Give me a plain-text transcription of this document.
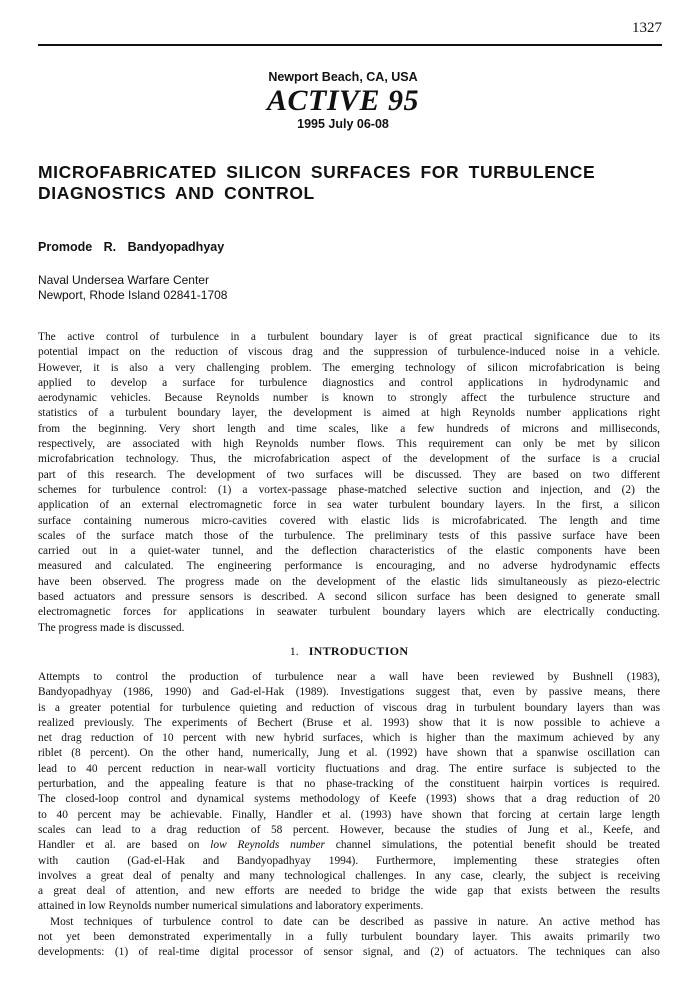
1327
Newport Beach, CA, USA
ACTIVE 95
1995 July 06-08
MICROFABRICATED SILICON SURFACES FOR TURBULENCE
DIAGNOSTICS AND CONTROL
Promode R. Bandyopadhyay
Naval Undersea Warfare Center
Newport, Rhode Island 02841-1708
The active control of turbulence in a turbulent boundary layer is of great practical significance due to its
potential impact on the reduction of viscous drag and the suppression of turbulence-induced noise in a vehicle.
However, it is also a very challenging problem. The emerging technology of silicon microfabrication is being
applied to develop a surface for turbulence diagnostics and control applications in hydrodynamic and
aerodynamic vehicles. Because Reynolds number is known to strongly affect the turbulence structure and
statistics of a turbulent boundary layer, the development is aimed at high Reynolds number applications right
from the beginning. Very short length and time scales, like a few hundreds of microns and milliseconds,
respectively, are associated with high Reynolds number flows. This requirement can only be met by silicon
microfabrication technology. Thus, the microfabrication aspect of the development of the surface is a crucial
part of this research. The development of two surfaces will be discussed. They are based on two different
schemes for turbulence control: (1) a vortex-passage phase-matched selective suction and injection, and (2) the
application of an external electromagnetic force in sea water turbulent boundary layers. In the first, a silicon
surface containing numerous micro-cavities covered with elastic lids is microfabricated. The length and time
scales of the surface match those of the turbulence. The preliminary tests of this passive surface have been
carried out in a quiet-water tunnel, and the deflection characteristics of the elastic components have been
measured and calculated. The engineering performance is encouraging, and no adverse hydrodynamic effects
have been observed. The progress made on the development of the elastic lids simultaneously as piezo-electric
based actuators and pressure sensors is described. A second silicon surface has been designed to generate small
electromagnetic forces for applications in seawater turbulent boundary layers which are electrically conducting.
The progress made is discussed.
1. INTRODUCTION
Attempts to control the production of turbulence near a wall have been reviewed by Bushnell (1983),
Bandyopadhyay (1986, 1990) and Gad-el-Hak (1989). Investigations suggest that, even by passive means, there
is a greater potential for turbulence quieting and reduction of viscous drag in turbulent boundary layers than was
realized previously. The experiments of Bechert (Bruse et al. 1993) show that it is now possible to achieve a
net drag reduction of 10 percent with new hybrid surfaces, which is higher than the maximum achieved by any
riblet (8 percent). On the other hand, numerically, Jung et al. (1992) have shown that a spanwise oscillation can
lead to 40 percent reduction in near-wall vorticity fluctuations and drag. The entire surface is subjected to the
perturbation, and the appealing feature is that no phase-tracking of the constituent hairpin vortices is required.
The closed-loop control and dynamical systems methodology of Keefe (1993) shows that a drag reduction of 20
to 40 percent may be achievable. Finally, Handler et al. (1993) have shown that forcing at certain large length
scales can lead to a drag reduction of 58 percent. However, because the studies of Jung et al., Keefe, and
Handler et al. are based on low Reynolds number channel simulations, the potential benefit should be treated
with caution (Gad-el-Hak and Bandyopadhyay 1994). Furthermore, implementing these strategies often
involves a great deal of penalty and many technological challenges. In any case, clearly, the subject is receiving
a great deal of attention, and new efforts are needed to bridge the wide gap that exists between the results
attained in low Reynolds number numerical simulations and laboratory experiments.
Most techniques of turbulence control to date can be described as passive in nature. An active method has
not yet been demonstrated experimentally in a fully turbulent boundary layer. This awaits primarily two
developments: (1) of real-time digital processor of sensor signal, and (2) of actuators. The techniques can also
